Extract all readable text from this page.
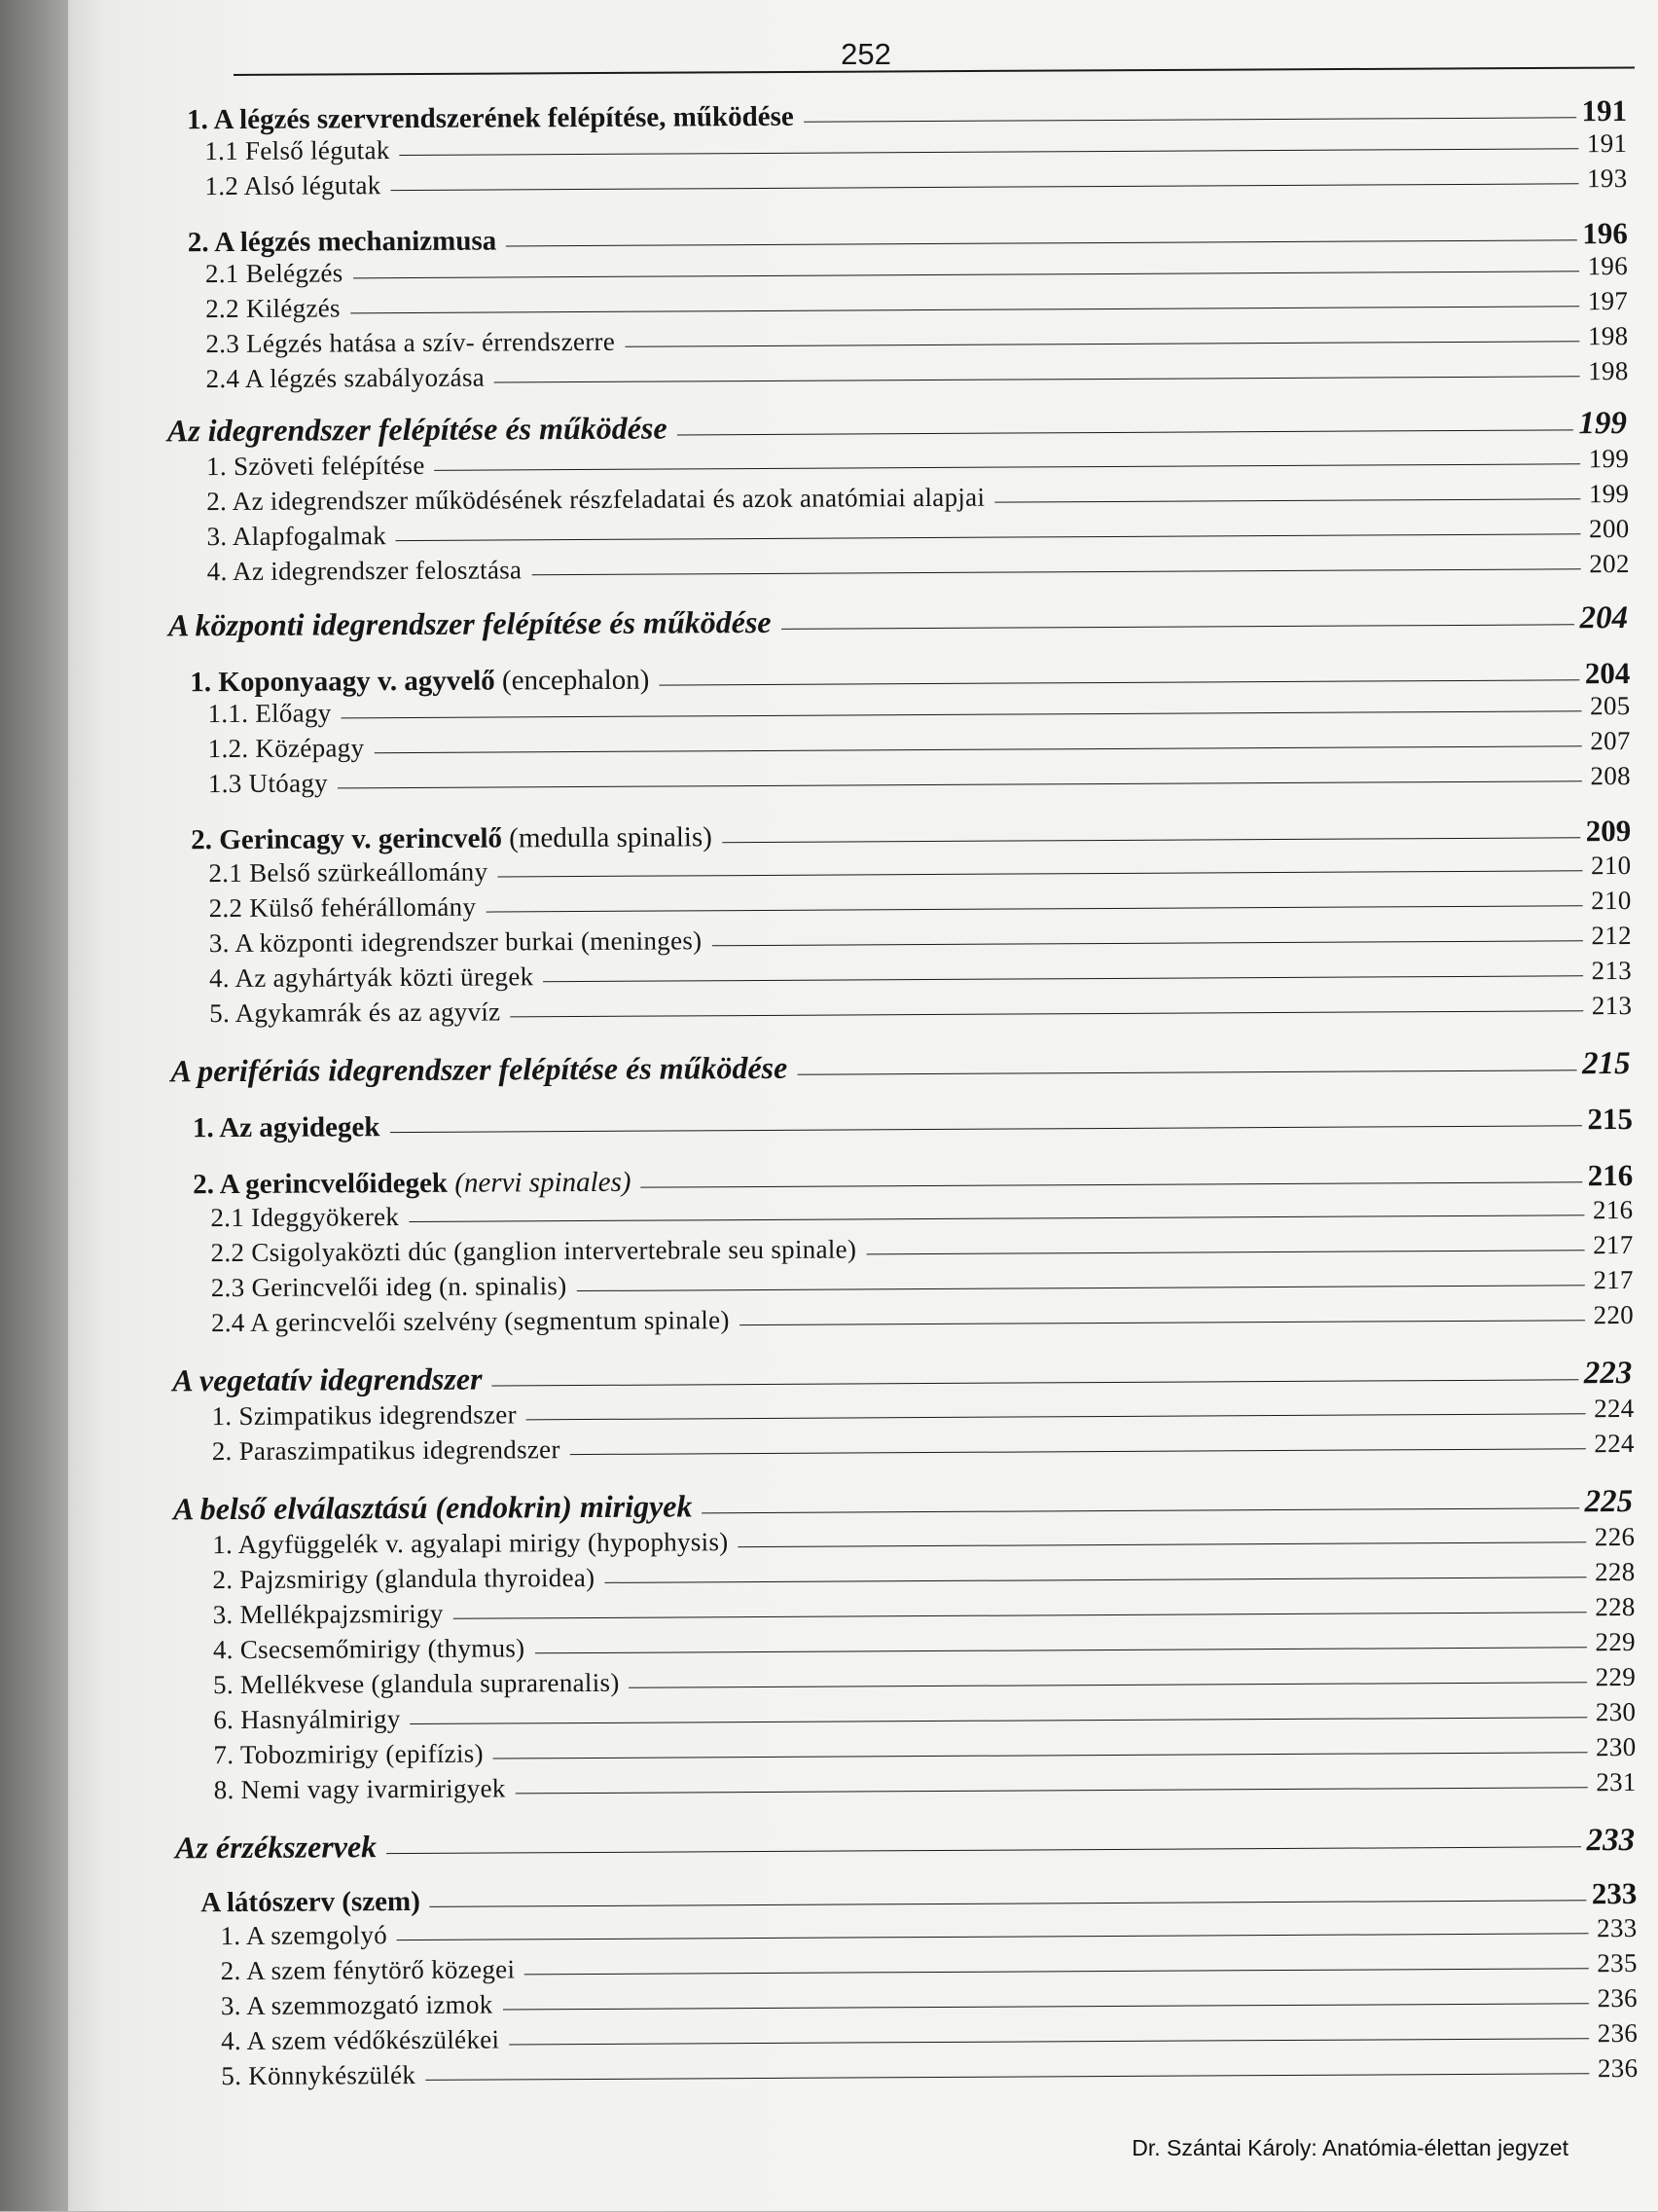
252
1. A légzés szervrendszerének felépítése, működése	191
1.1 Felső légutak	191
1.2 Alsó légutak	193
2. A légzés mechanizmusa	196
2.1 Belégzés	196
2.2 Kilégzés	197
2.3 Légzés hatása a szív- érrendszerre	198
2.4 A légzés szabályozása	198
Az idegrendszer felépítése és működése	199
1. Szöveti felépítése	199
2. Az idegrendszer működésének részfeladatai és azok anatómiai alapjai	199
3. Alapfogalmak	200
4. Az idegrendszer felosztása	202
A központi idegrendszer felépítése és működése	204
1. Koponyaagy v. agyvelő (encephalon)	204
1.1. Előagy	205
1.2. Középagy	207
1.3 Utóagy	208
2. Gerincagy v. gerincvelő (medulla spinalis)	209
2.1 Belső szürkeállomány	210
2.2 Külső fehérállomány	210
3. A központi idegrendszer burkai (meninges)	212
4. Az agyhártyák közti üregek	213
5. Agykamrák és az agyvíz	213
A perifériás idegrendszer felépítése és működése	215
1. Az agyidegek	215
2. A gerincvelőidegek (nervi spinales)	216
2.1 Ideggyökerek	216
2.2 Csigolyaközti dúc (ganglion intervertebrale seu spinale)	217
2.3 Gerincvelői ideg (n. spinalis)	217
2.4 A gerincvelői szelvény (segmentum spinale)	220
A vegetatív idegrendszer	223
1. Szimpatikus idegrendszer	224
2. Paraszimpatikus idegrendszer	224
A belső elválasztású (endokrin) mirigyek	225
1. Agyfüggelék v. agyalapi mirigy (hypophysis)	226
2. Pajzsmirigy (glandula thyroidea)	228
3. Mellékpajzsmirigy	228
4. Csecsemőmirigy (thymus)	229
5. Mellékvese (glandula suprarenalis)	229
6. Hasnyálmirigy	230
7. Tobozmirigy (epifízis)	230
8. Nemi vagy ivarmirigyek	231
Az érzékszervek	233
A látószerv (szem)	233
1. A szemgolyó	233
2. A szem fénytörő közegei	235
3. A szemmozgató izmok	236
4. A szem védőkészülékei	236
5. Könnykészülék	236
Dr. Szántai Károly: Anatómia-élettan jegyzet
